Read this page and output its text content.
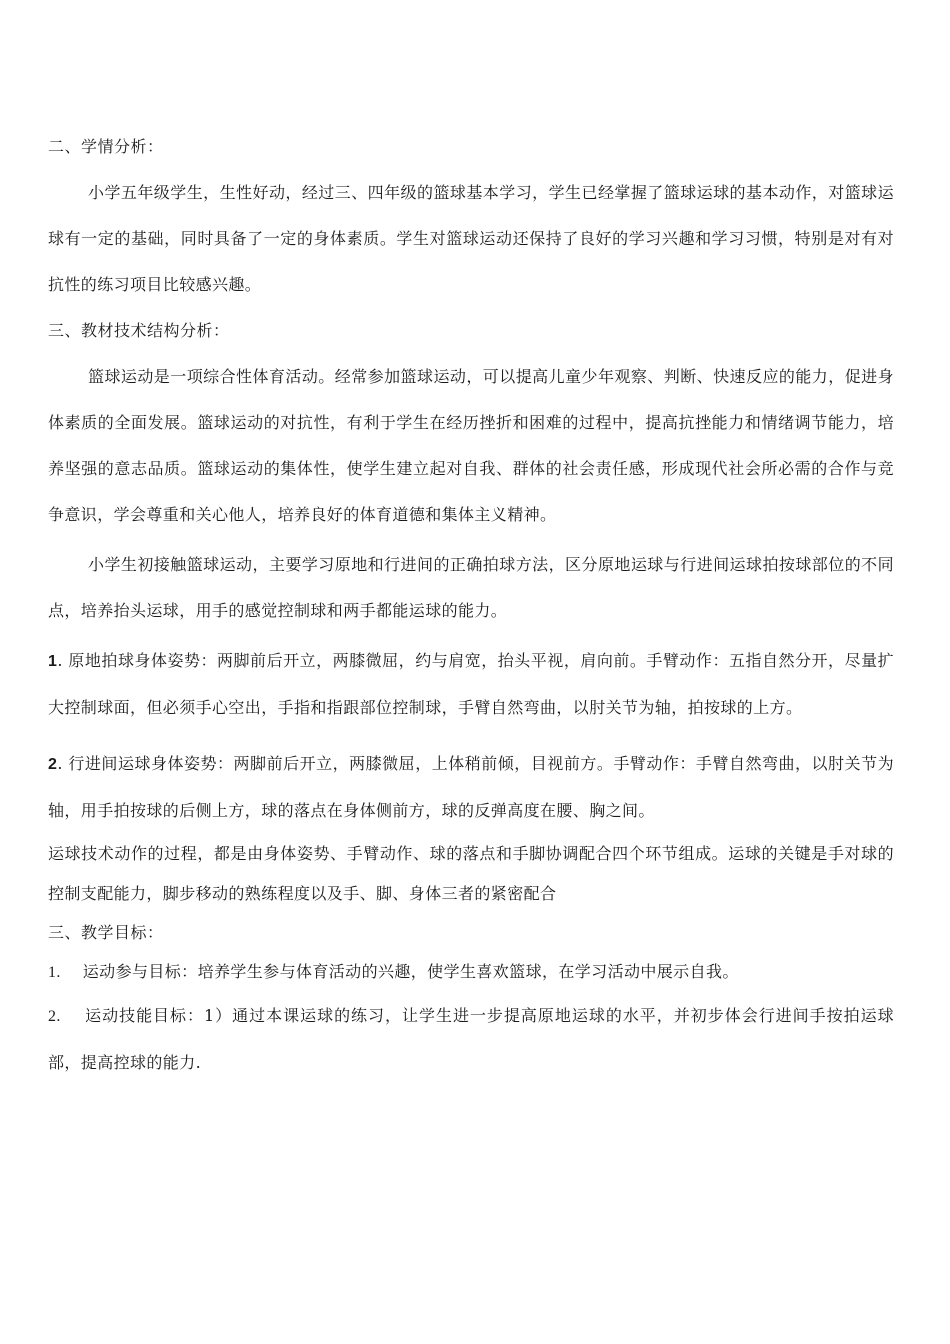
二、学情分析：

小学五年级学生，生性好动，经过三、四年级的篮球基本学习，学生已经掌握了篮球运球的基本动作，对篮球运球有一定的基础，同时具备了一定的身体素质。学生对篮球运动还保持了良好的学习兴趣和学习习惯，特别是对有对抗性的练习项目比较感兴趣。

三、教材技术结构分析：

篮球运动是一项综合性体育活动。经常参加篮球运动，可以提高儿童少年观察、判断、快速反应的能力，促进身体素质的全面发展。篮球运动的对抗性，有利于学生在经历挫折和困难的过程中，提高抗挫能力和情绪调节能力，培养坚强的意志品质。篮球运动的集体性，使学生建立起对自我、群体的社会责任感，形成现代社会所必需的合作与竞争意识，学会尊重和关心他人，培养良好的体育道德和集体主义精神。

小学生初接触篮球运动，主要学习原地和行进间的正确拍球方法，区分原地运球与行进间运球拍按球部位的不同点，培养抬头运球，用手的感觉控制球和两手都能运球的能力。

1. 原地拍球身体姿势：两脚前后开立，两膝微屈，约与肩宽，抬头平视，肩向前。手臂动作：五指自然分开，尽量扩大控制球面，但必须手心空出，手指和指跟部位控制球，手臂自然弯曲，以肘关节为轴，拍按球的上方。

2. 行进间运球身体姿势：两脚前后开立，两膝微屈，上体稍前倾，目视前方。手臂动作：手臂自然弯曲，以肘关节为轴，用手拍按球的后侧上方，球的落点在身体侧前方，球的反弹高度在腰、胸之间。

运球技术动作的过程，都是由身体姿势、手臂动作、球的落点和手脚协调配合四个环节组成。运球的关键是手对球的控制支配能力，脚步移动的熟练程度以及手、脚、身体三者的紧密配合

三、教学目标：

1. 运动参与目标：培养学生参与体育活动的兴趣，使学生喜欢篮球，在学习活动中展示自我。

2. 运动技能目标：1）通过本课运球的练习，让学生进一步提高原地运球的水平，并初步体会行进间手按拍运球部，提高控球的能力.
